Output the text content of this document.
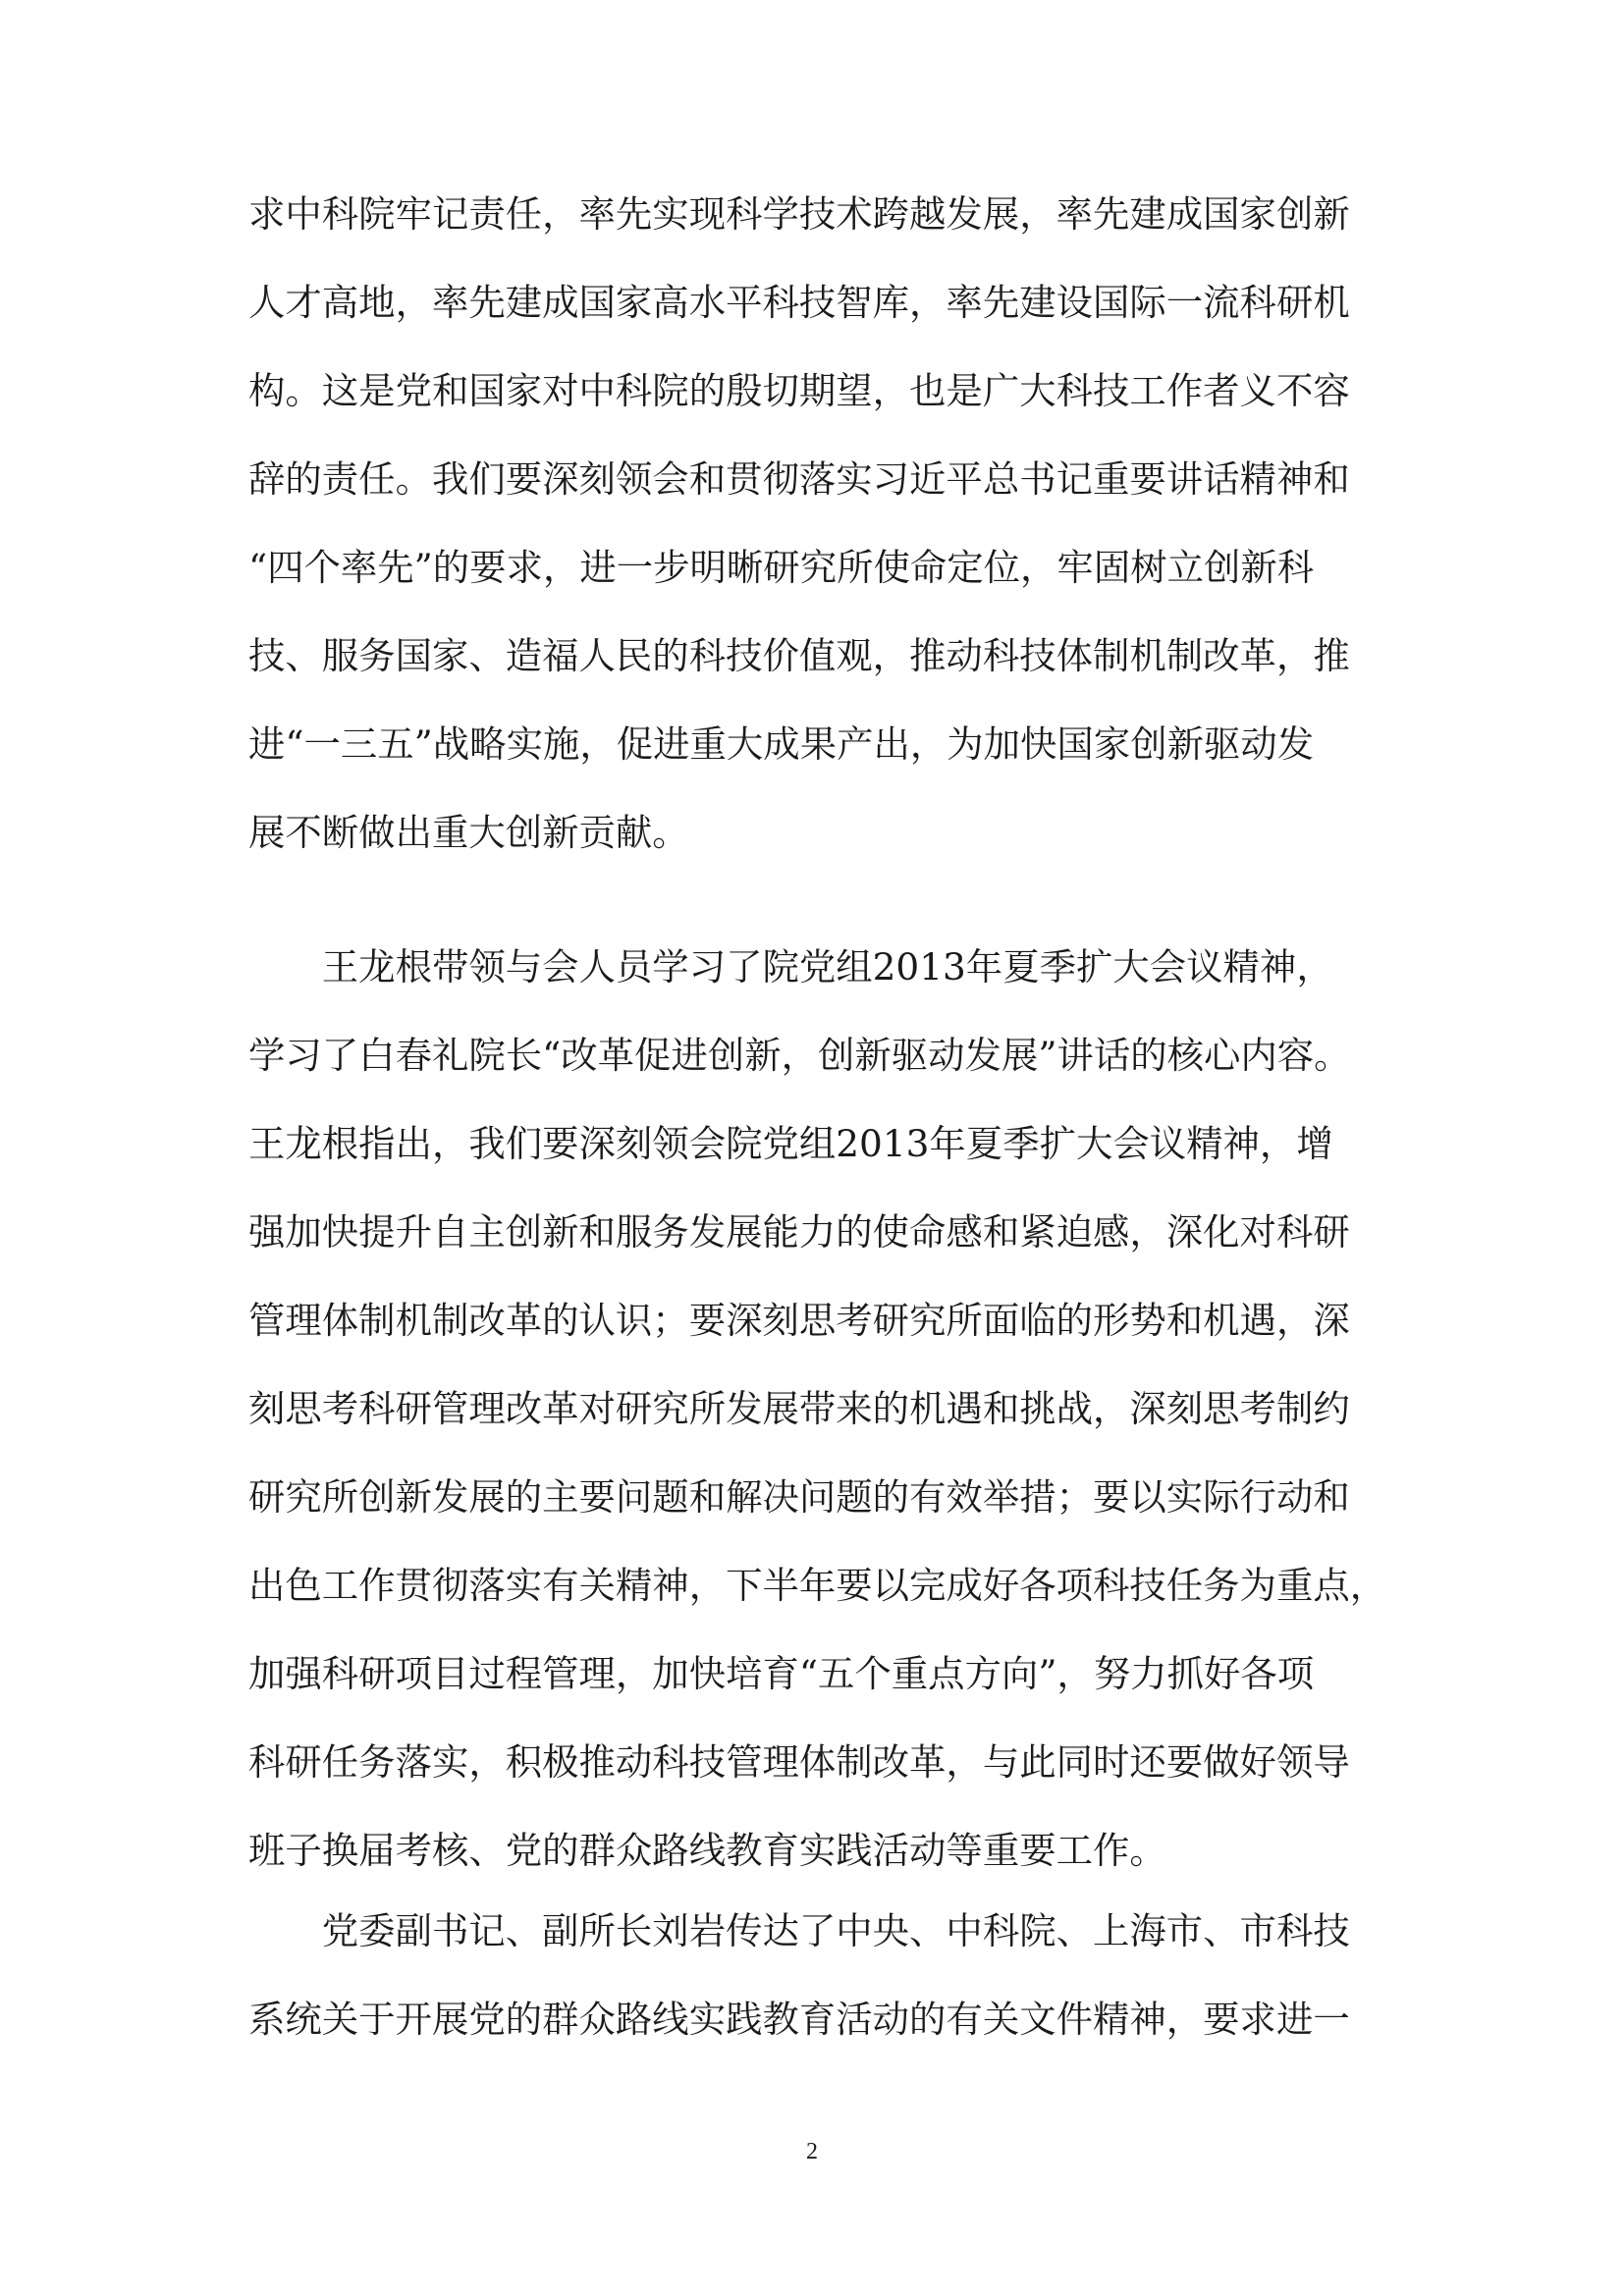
求中科院牢记责任，率先实现科学技术跨越发展，率先建成国家创新
人才高地，率先建成国家高水平科技智库，率先建设国际一流科研机
构。这是党和国家对中科院的殷切期望，也是广大科技工作者义不容
辞的责任。我们要深刻领会和贯彻落实习近平总书记重要讲话精神和
“四个率先”的要求，进一步明晰研究所使命定位，牢固树立创新科
技、服务国家、造福人民的科技价值观，推动科技体制机制改革，推
进“一三五”战略实施，促进重大成果产出，为加快国家创新驱动发
展不断做出重大创新贡献。
　　王龙根带领与会人员学习了院党组2013年夏季扩大会议精神，
学习了白春礼院长“改革促进创新，创新驱动发展”讲话的核心内容。
王龙根指出，我们要深刻领会院党组2013年夏季扩大会议精神，增
强加快提升自主创新和服务发展能力的使命感和紧迫感，深化对科研
管理体制机制改革的认识；要深刻思考研究所面临的形势和机遇，深
刻思考科研管理改革对研究所发展带来的机遇和挑战，深刻思考制约
研究所创新发展的主要问题和解决问题的有效举措；要以实际行动和
出色工作贯彻落实有关精神，下半年要以完成好各项科技任务为重点，
加强科研项目过程管理，加快培育“五个重点方向”，努力抓好各项
科研任务落实，积极推动科技管理体制改革，与此同时还要做好领导
班子换届考核、党的群众路线教育实践活动等重要工作。
　　党委副书记、副所长刘岩传达了中央、中科院、上海市、市科技
系统关于开展党的群众路线实践教育活动的有关文件精神，要求进一
2
